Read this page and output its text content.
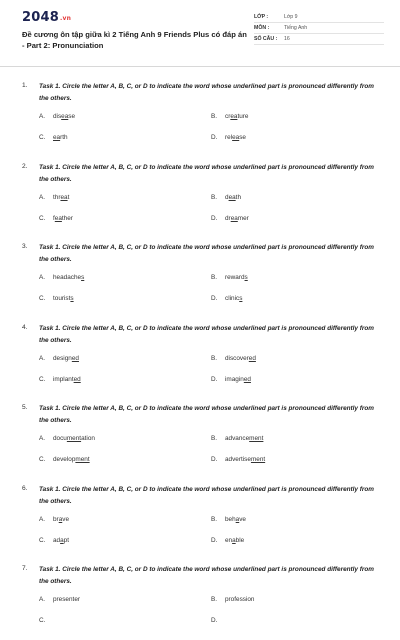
2048.vn
Đề cương ôn tập giữa kì 2 Tiếng Anh 9 Friends Plus có đáp án - Part 2: Pronunciation
LỚP :	Lớp 9
MÔN :	Tiếng Anh
SỐ CÂU :	16
1. Task 1. Circle the letter A, B, C, or D to indicate the word whose underlined part is pronounced differently from the others.
A.	disease	B.	creature
C.	earth	D.	release
2. Task 1. Circle the letter A, B, C, or D to indicate the word whose underlined part is pronounced differently from the others.
A.	threat	B.	death
C.	feather	D.	dreamer
3. Task 1. Circle the letter A, B, C, or D to indicate the word whose underlined part is pronounced differently from the others.
A.	headaches	B.	rewards
C.	tourists	D.	clinics
4. Task 1. Circle the letter A, B, C, or D to indicate the word whose underlined part is pronounced differently from the others.
A.	designed	B.	discovered
C.	implanted	D.	imagined
5. Task 1. Circle the letter A, B, C, or D to indicate the word whose underlined part is pronounced differently from the others.
A.	documentation	B.	advancement
C.	development	D.	advertisement
6. Task 1. Circle the letter A, B, C, or D to indicate the word whose underlined part is pronounced differently from the others.
A.	brave	B.	behave
C.	adapt	D.	enable
7. Task 1. Circle the letter A, B, C, or D to indicate the word whose underlined part is pronounced differently from the others.
A.	presenter	B.	profession
C.	D.
